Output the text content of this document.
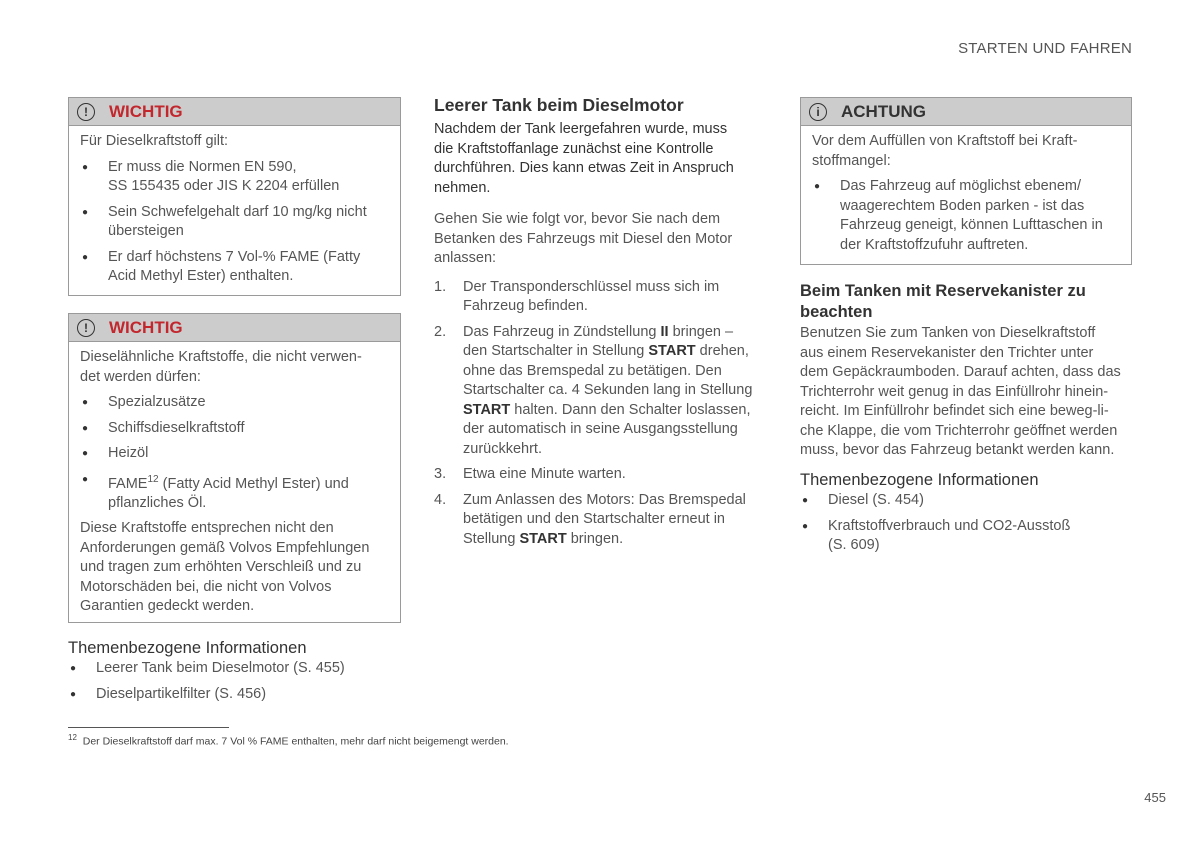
STARTEN UND FAHREN
!	WICHTIG

Für Dieselkraftstoff gilt:

● Er muss die Normen EN 590,
SS 155435 oder JIS K 2204 erfüllen
● Sein Schwefelgehalt darf 10 mg/kg nicht
übersteigen
● Er darf höchstens 7 Vol-% FAME (Fatty
Acid Methyl Ester) enthalten.
!	WICHTIG

Dieselähnliche Kraftstoffe, die nicht verwen-
det werden dürfen:

● Spezialzusätze
● Schiffsdieselkraftstoff
● Heizöl
● FAME$^{12}$ (Fatty Acid Methyl Ester) und
pflanzliches Öl.

Diese Kraftstoffe entsprechen nicht den
Anforderungen gemäß Volvos Empfehlungen
und tragen zum erhöhten Verschleiß und zu
Motorschäden bei, die nicht von Volvos
Garantien gedeckt werden.

Themenbezogene Informationen
● Leerer Tank beim Dieselmotor (S. 455)
● Dieselpartikelfilter (S. 456)
$^{12}$ Der Dieselkraftstoff darf max. 7 Vol % FAME enthalten, mehr darf nicht beigemengt werden.
Leerer Tank beim Dieselmotor
Nachdem der Tank leergefahren wurde, muss
die Kraftstoffanlage zunächst eine Kontrolle
durchführen. Dies kann etwas Zeit in Anspruch
nehmen.
Gehen Sie wie folgt vor, bevor Sie nach dem
Betanken des Fahrzeugs mit Diesel den Motor
anlassen:
1. Der Transponderschlüssel muss sich im
Fahrzeug befinden.
2. Das Fahrzeug in Zündstellung II bringen –
den Startschalter in Stellung START drehen,
ohne das Bremspedal zu betätigen. Den
Startschalter ca. 4 Sekunden lang in Stellung
START halten. Dann den Schalter loslassen,
der automatisch in seine Ausgangsstellung
zurückkehrt.
3. Etwa eine Minute warten.
4. Zum Anlassen des Motors: Das Bremspedal
betätigen und den Startschalter erneut in
Stellung START bringen.
i	ACHTUNG

Vor dem Auffüllen von Kraftstoff bei Kraft-
stoffmangel:

● Das Fahrzeug auf möglichst ebenem/
waagerechtem Boden parken - ist das
Fahrzeug geneigt, können Lufttaschen in
der Kraftstoffzufuhr auftreten.
Beim Tanken mit Reservekanister zu
beachten
Benutzen Sie zum Tanken von Dieselkraftstoff
aus einem Reservekanister den Trichter unter
dem Gepäckraumboden. Darauf achten, dass das
Trichterrohr weit genug in das Einfüllrohr hinein-
reicht. Im Einfüllrohr befindet sich eine beweg-li-
che Klappe, die vom Trichterrohr geöffnet werden
muss, bevor das Fahrzeug betankt werden kann.
Themenbezogene Informationen
● Diesel (S. 454)
● Kraftstoffverbrauch und CO2-Ausstoß
(S. 609)
455
